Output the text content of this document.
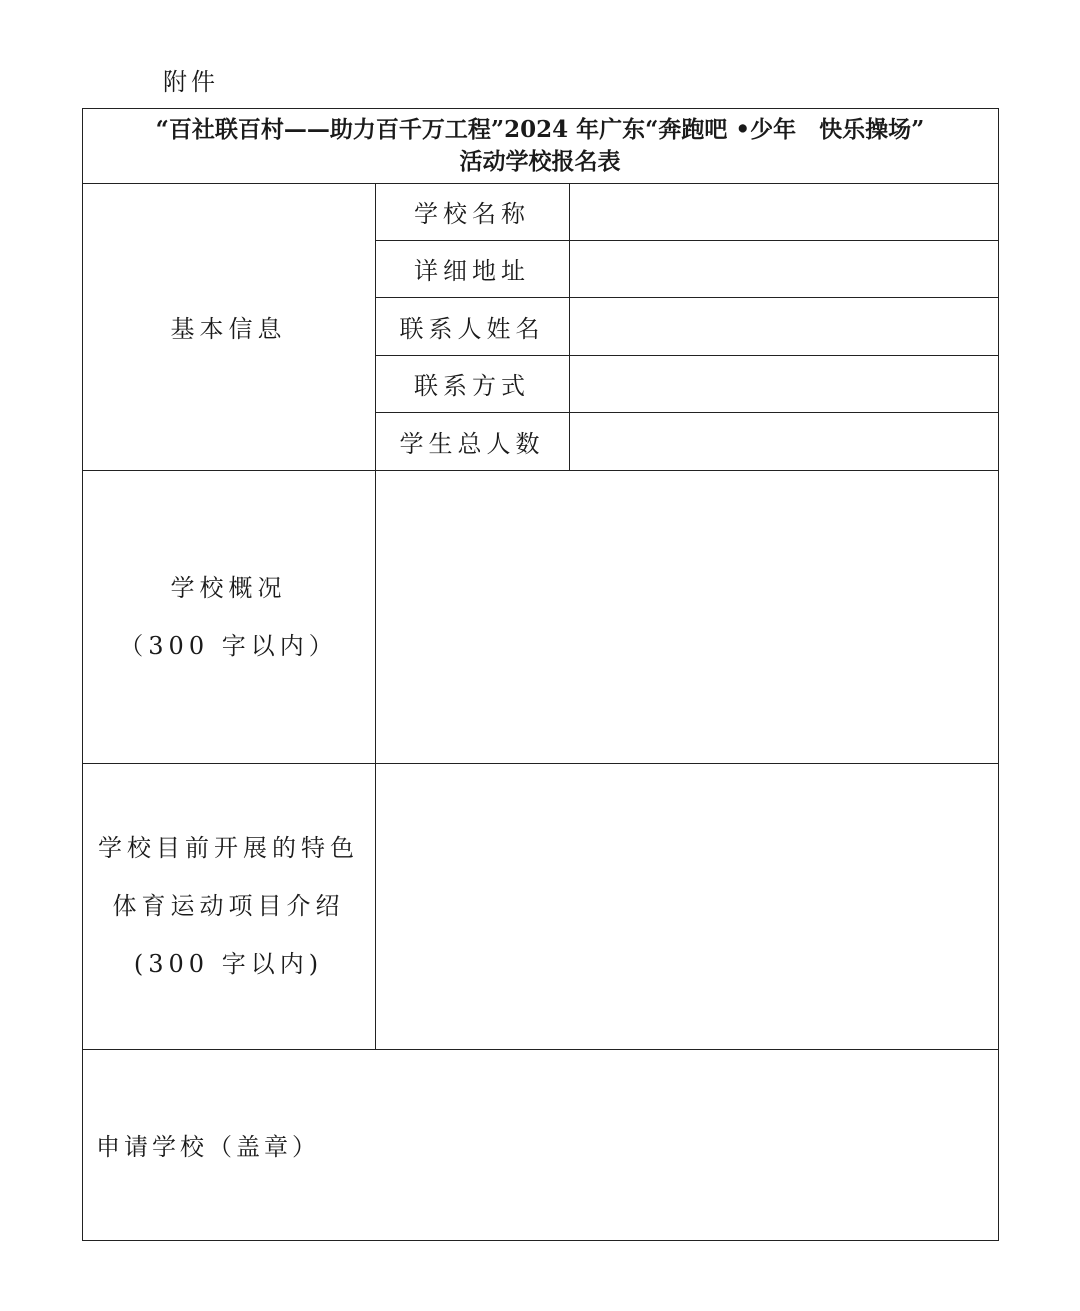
附件
“百社联百村——助力百千万工程”2024 年广东“奔跑吧 •少年　快乐操场”
活动学校报名表
基本信息
学校名称
详细地址
联系人姓名
联系方式
学生总人数
学校概况
（300 字以内）
学校目前开展的特色
体育运动项目介绍
(300 字以内)
申请学校（盖章）
